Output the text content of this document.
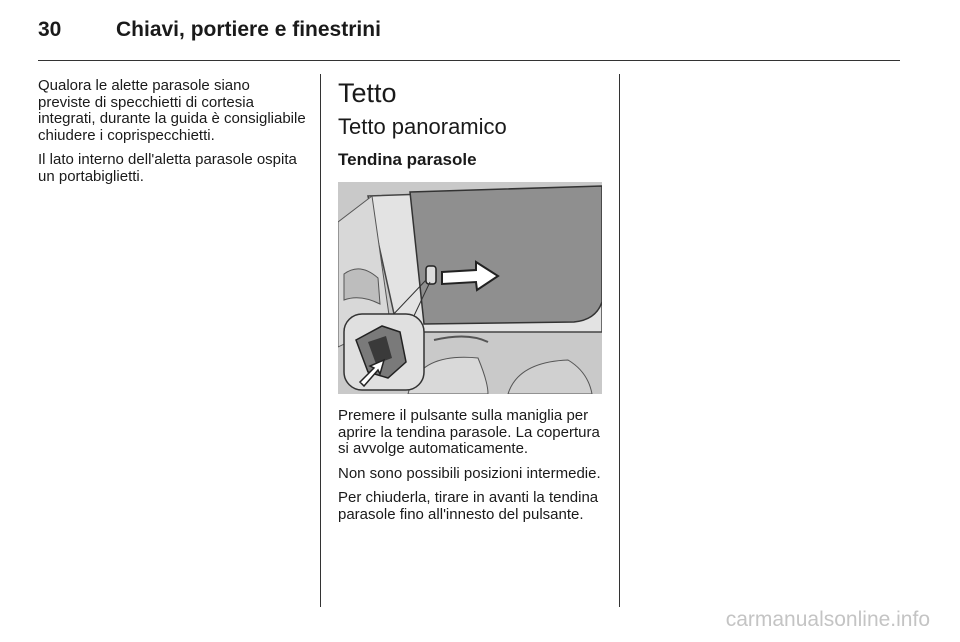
30	Chiavi, portiere e finestrini

Qualora le alette parasole siano previste di specchietti di cortesia integrati, durante la guida è consigliabile chiudere i coprispecchietti.

Il lato interno dell'aletta parasole ospita un portabiglietti.

Tetto
Tetto panoramico
Tendina parasole

Premere il pulsante sulla maniglia per aprire la tendina parasole. La copertura si avvolge automaticamente.

Non sono possibili posizioni intermedie.

Per chiuderla, tirare in avanti la tendina parasole fino all'innesto del pulsante.

carmanualsonline.info
